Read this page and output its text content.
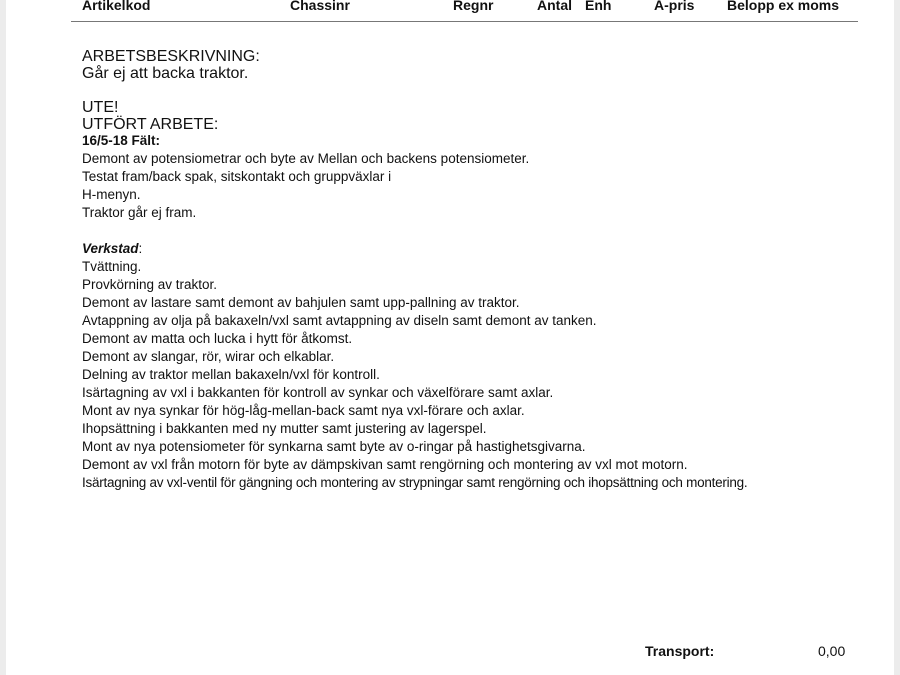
Artikelkod	Chassinr	Regnr	Antal Enh	A-pris Belopp ex moms
ARBETSBESKRIVNING:
Går ej att backa traktor.
UTE!
UTFÖRT ARBETE:
16/5-18 Fält:
Demont av potensiometrar och byte av Mellan och backens potensiometer.
Testat fram/back spak, sitskontakt och gruppväxlar i
H-menyn.
Traktor går ej fram.
Verkstad:
Tvättning.
Provkörning av traktor.
Demont av lastare samt demont av bahjulen samt upp-pallning av traktor.
Avtappning av olja på bakaxeln/vxl samt avtappning av diseln samt demont av tanken.
Demont av matta och lucka i hytt för åtkomst.
Demont av slangar, rör, wirar och elkablar.
Delning av traktor mellan bakaxeln/vxl för kontroll.
Isärtagning av vxl i bakkanten för kontroll av synkar och växelförare samt axlar.
Mont av nya synkar för hög-låg-mellan-back samt nya vxl-förare och axlar.
Ihopsättning i bakkanten med ny mutter samt justering av lagerspel.
Mont av nya potensiometer för synkarna samt byte av o-ringar på hastighetsgivarna.
Demont av vxl från motorn för byte av dämpskivan samt rengörning och montering av vxl mot motorn.
Isärtagning av vxl-ventil för gängning och montering av strypningar samt rengörning och ihopsättning och montering.
Transport:	0,00
